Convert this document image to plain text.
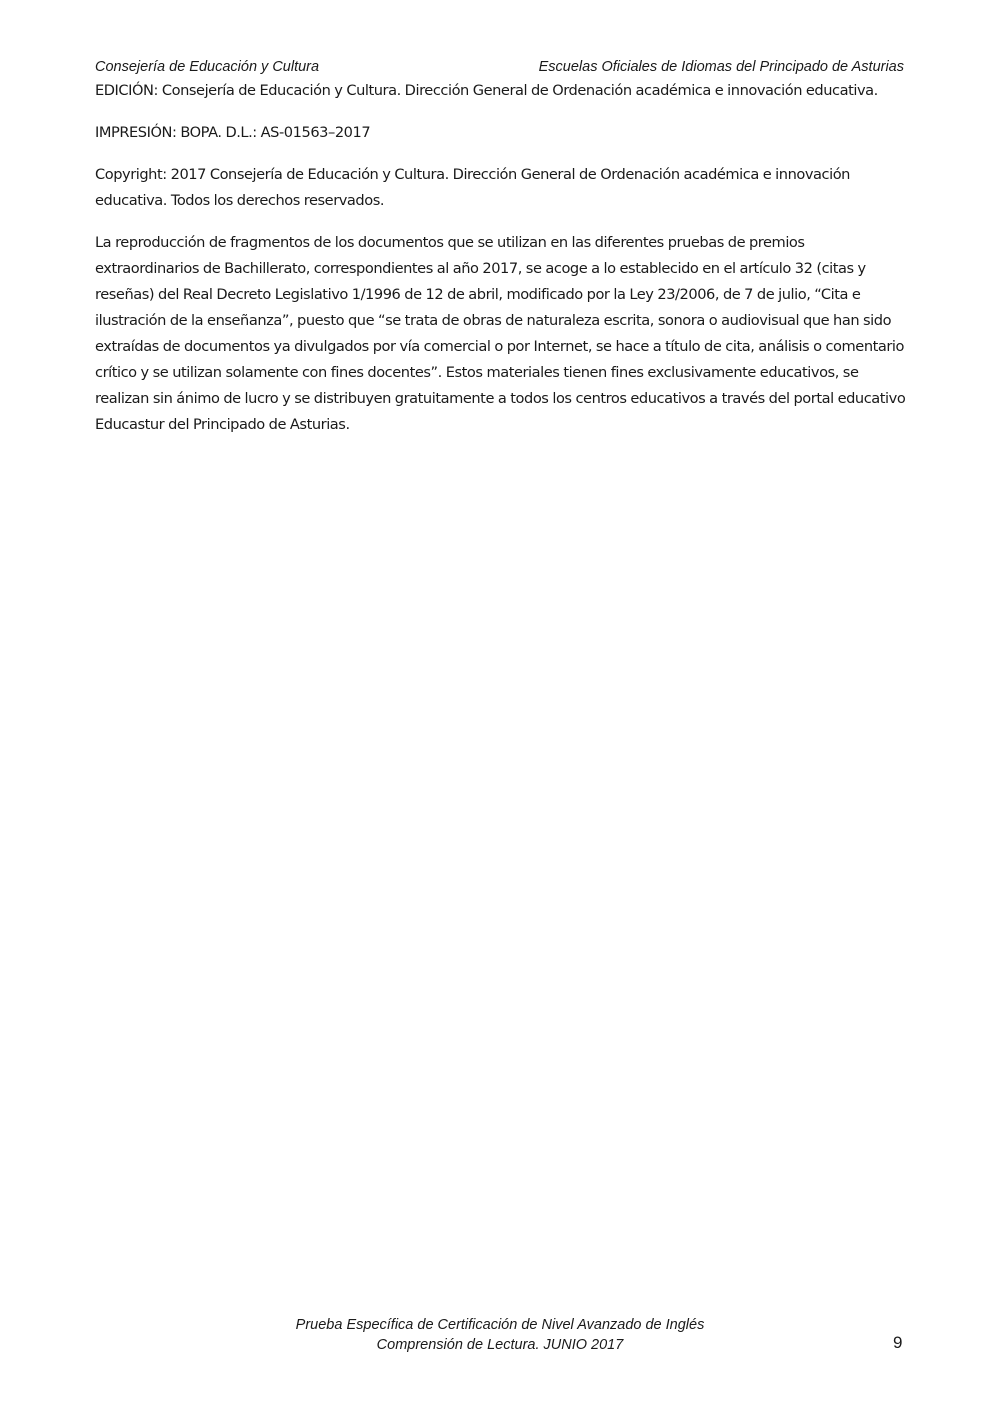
Consejería de Educación y Cultura	Escuelas Oficiales de Idiomas del Principado de Asturias

EDICIÓN: Consejería de Educación y Cultura. Dirección General de Ordenación académica e innovación educativa.

IMPRESIÓN: BOPA. D.L.: AS-01563–2017

Copyright: 2017 Consejería de Educación y Cultura. Dirección General de Ordenación académica e innovación educativa. Todos los derechos reservados.

La reproducción de fragmentos de los documentos que se utilizan en las diferentes pruebas de premios extraordinarios de Bachillerato, correspondientes al año 2017, se acoge a lo establecido en el artículo 32 (citas y reseñas) del Real Decreto Legislativo 1/1996 de 12 de abril, modificado por la Ley 23/2006, de 7 de julio, “Cita e ilustración de la enseñanza”, puesto que “se trata de obras de naturaleza escrita, sonora o audiovisual que han sido extraídas de documentos ya divulgados por vía comercial o por Internet, se hace a título de cita, análisis o comentario crítico y se utilizan solamente con fines docentes”. Estos materiales tienen fines exclusivamente educativos, se realizan sin ánimo de lucro y se distribuyen gratuitamente a todos los centros educativos a través del portal educativo Educastur del Principado de Asturias.

Prueba Específica de Certificación de Nivel Avanzado de Inglés
Comprensión de Lectura. JUNIO 2017	9
